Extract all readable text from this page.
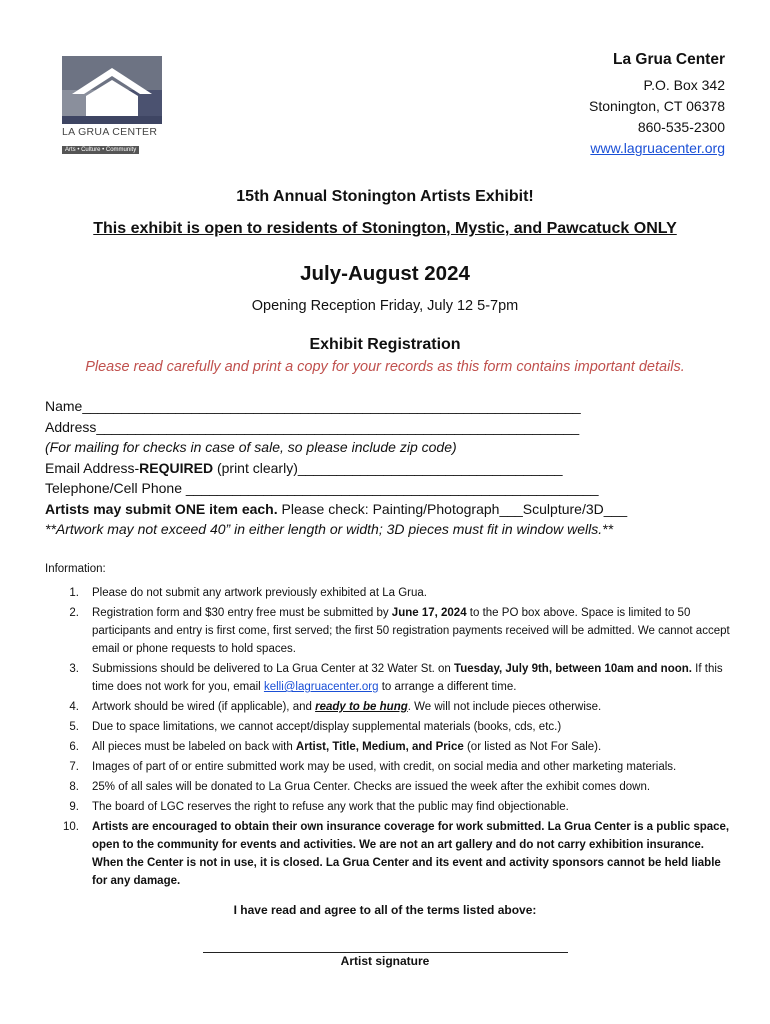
LA GRUA CENTER
Arts • Culture • Community
La Grua Center
P.O. Box 342
Stonington, CT 06378
860-535-2300
www.lagruacenter.org
15th Annual Stonington Artists Exhibit!
This exhibit is open to residents of Stonington, Mystic, and Pawcatuck ONLY
July-August 2024
Opening Reception Friday, July 12 5-7pm
Exhibit Registration
Please read carefully and print a copy for your records as this form contains important details.
Name________________________________________________________________
Address______________________________________________________________
(For mailing for checks in case of sale, so please include zip code)
Email Address-REQUIRED (print clearly)__________________________________
Telephone/Cell Phone _____________________________________________________
Artists may submit ONE item each. Please check: Painting/Photograph___Sculpture/3D___
**Artwork may not exceed 40” in either length or width; 3D pieces must fit in window wells.**
Information:
1. Please do not submit any artwork previously exhibited at La Grua.
2. Registration form and $30 entry free must be submitted by June 17, 2024 to the PO box above. Space is limited to 50 participants and entry is first come, first served; the first 50 registration payments received will be admitted. We cannot accept email or phone requests to hold spaces.
3. Submissions should be delivered to La Grua Center at 32 Water St. on Tuesday, July 9th, between 10am and noon. If this time does not work for you, email kelli@lagruacenter.org to arrange a different time.
4. Artwork should be wired (if applicable), and ready to be hung. We will not include pieces otherwise.
5. Due to space limitations, we cannot accept/display supplemental materials (books, cds, etc.)
6. All pieces must be labeled on back with Artist, Title, Medium, and Price (or listed as Not For Sale).
7. Images of part of or entire submitted work may be used, with credit, on social media and other marketing materials.
8. 25% of all sales will be donated to La Grua Center. Checks are issued the week after the exhibit comes down.
9. The board of LGC reserves the right to refuse any work that the public may find objectionable.
10. Artists are encouraged to obtain their own insurance coverage for work submitted. La Grua Center is a public space, open to the community for events and activities. We are not an art gallery and do not carry exhibition insurance. When the Center is not in use, it is closed. La Grua Center and its event and activity sponsors cannot be held liable for any damage.
I have read and agree to all of the terms listed above:
Artist signature
